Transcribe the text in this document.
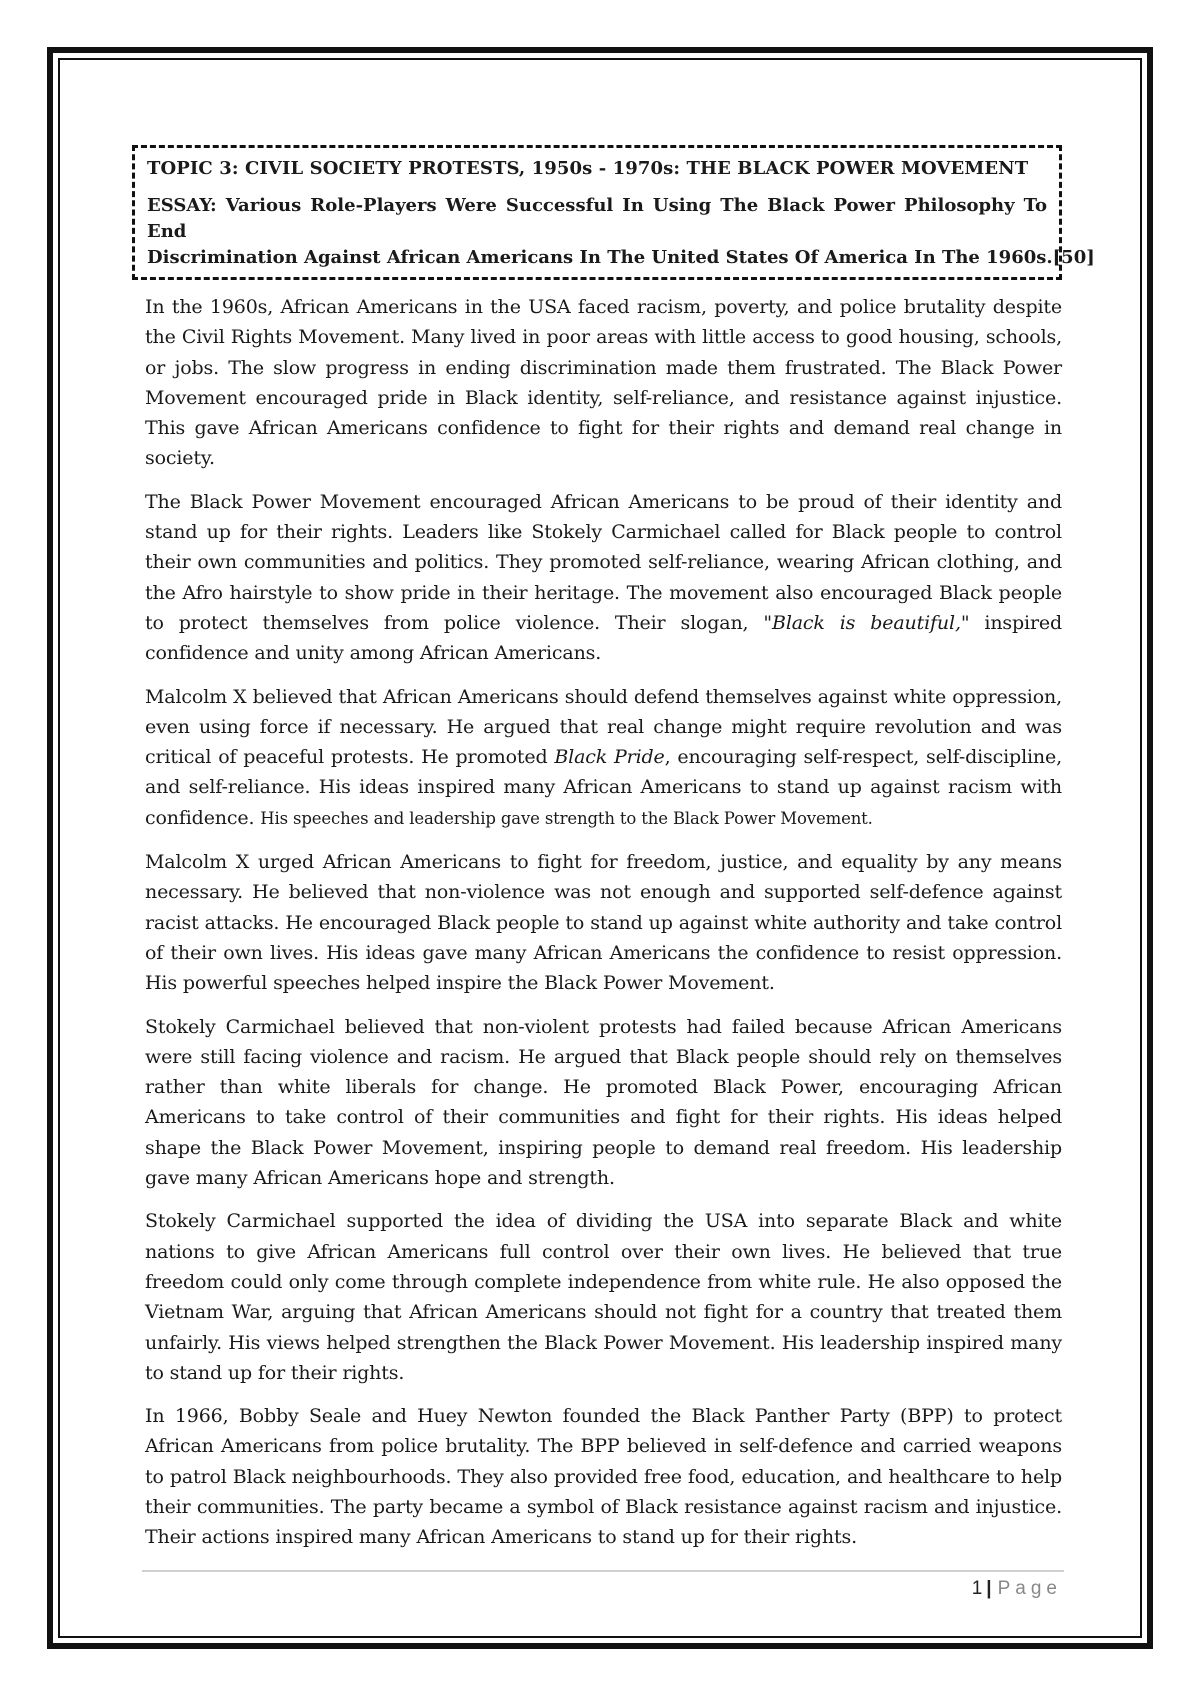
TOPIC 3: CIVIL SOCIETY PROTESTS, 1950s - 1970s: THE BLACK POWER MOVEMENT

ESSAY: Various Role-Players Were Successful In Using The Black Power Philosophy To End

Discrimination Against African Americans In The United States Of America In The 1960s. [50]

In the 1960s, African Americans in the USA faced racism, poverty, and police brutality despite the Civil Rights Movement. Many lived in poor areas with little access to good housing, schools, or jobs. The slow progress in ending discrimination made them frustrated. The Black Power Movement encouraged pride in Black identity, self-reliance, and resistance against injustice. This gave African Americans confidence to fight for their rights and demand real change in society.

The Black Power Movement encouraged African Americans to be proud of their identity and stand up for their rights. Leaders like Stokely Carmichael called for Black people to control their own communities and politics. They promoted self-reliance, wearing African clothing, and the Afro hairstyle to show pride in their heritage. The movement also encouraged Black people to protect themselves from police violence. Their slogan, "Black is beautiful," inspired confidence and unity among African Americans.

Malcolm X believed that African Americans should defend themselves against white oppression, even using force if necessary. He argued that real change might require revolution and was critical of peaceful protests. He promoted Black Pride, encouraging self-respect, self-discipline, and self-reliance. His ideas inspired many African Americans to stand up against racism with confidence. His speeches and leadership gave strength to the Black Power Movement.

Malcolm X urged African Americans to fight for freedom, justice, and equality by any means necessary. He believed that non-violence was not enough and supported self-defence against racist attacks. He encouraged Black people to stand up against white authority and take control of their own lives. His ideas gave many African Americans the confidence to resist oppression. His powerful speeches helped inspire the Black Power Movement.

Stokely Carmichael believed that non-violent protests had failed because African Americans were still facing violence and racism. He argued that Black people should rely on themselves rather than white liberals for change. He promoted Black Power, encouraging African Americans to take control of their communities and fight for their rights. His ideas helped shape the Black Power Movement, inspiring people to demand real freedom. His leadership gave many African Americans hope and strength.

Stokely Carmichael supported the idea of dividing the USA into separate Black and white nations to give African Americans full control over their own lives. He believed that true freedom could only come through complete independence from white rule. He also opposed the Vietnam War, arguing that African Americans should not fight for a country that treated them unfairly. His views helped strengthen the Black Power Movement. His leadership inspired many to stand up for their rights.

In 1966, Bobby Seale and Huey Newton founded the Black Panther Party (BPP) to protect African Americans from police brutality. The BPP believed in self-defence and carried weapons to patrol Black neighbourhoods. They also provided free food, education, and healthcare to help their communities. The party became a symbol of Black resistance against racism and injustice. Their actions inspired many African Americans to stand up for their rights.

1 | Page
